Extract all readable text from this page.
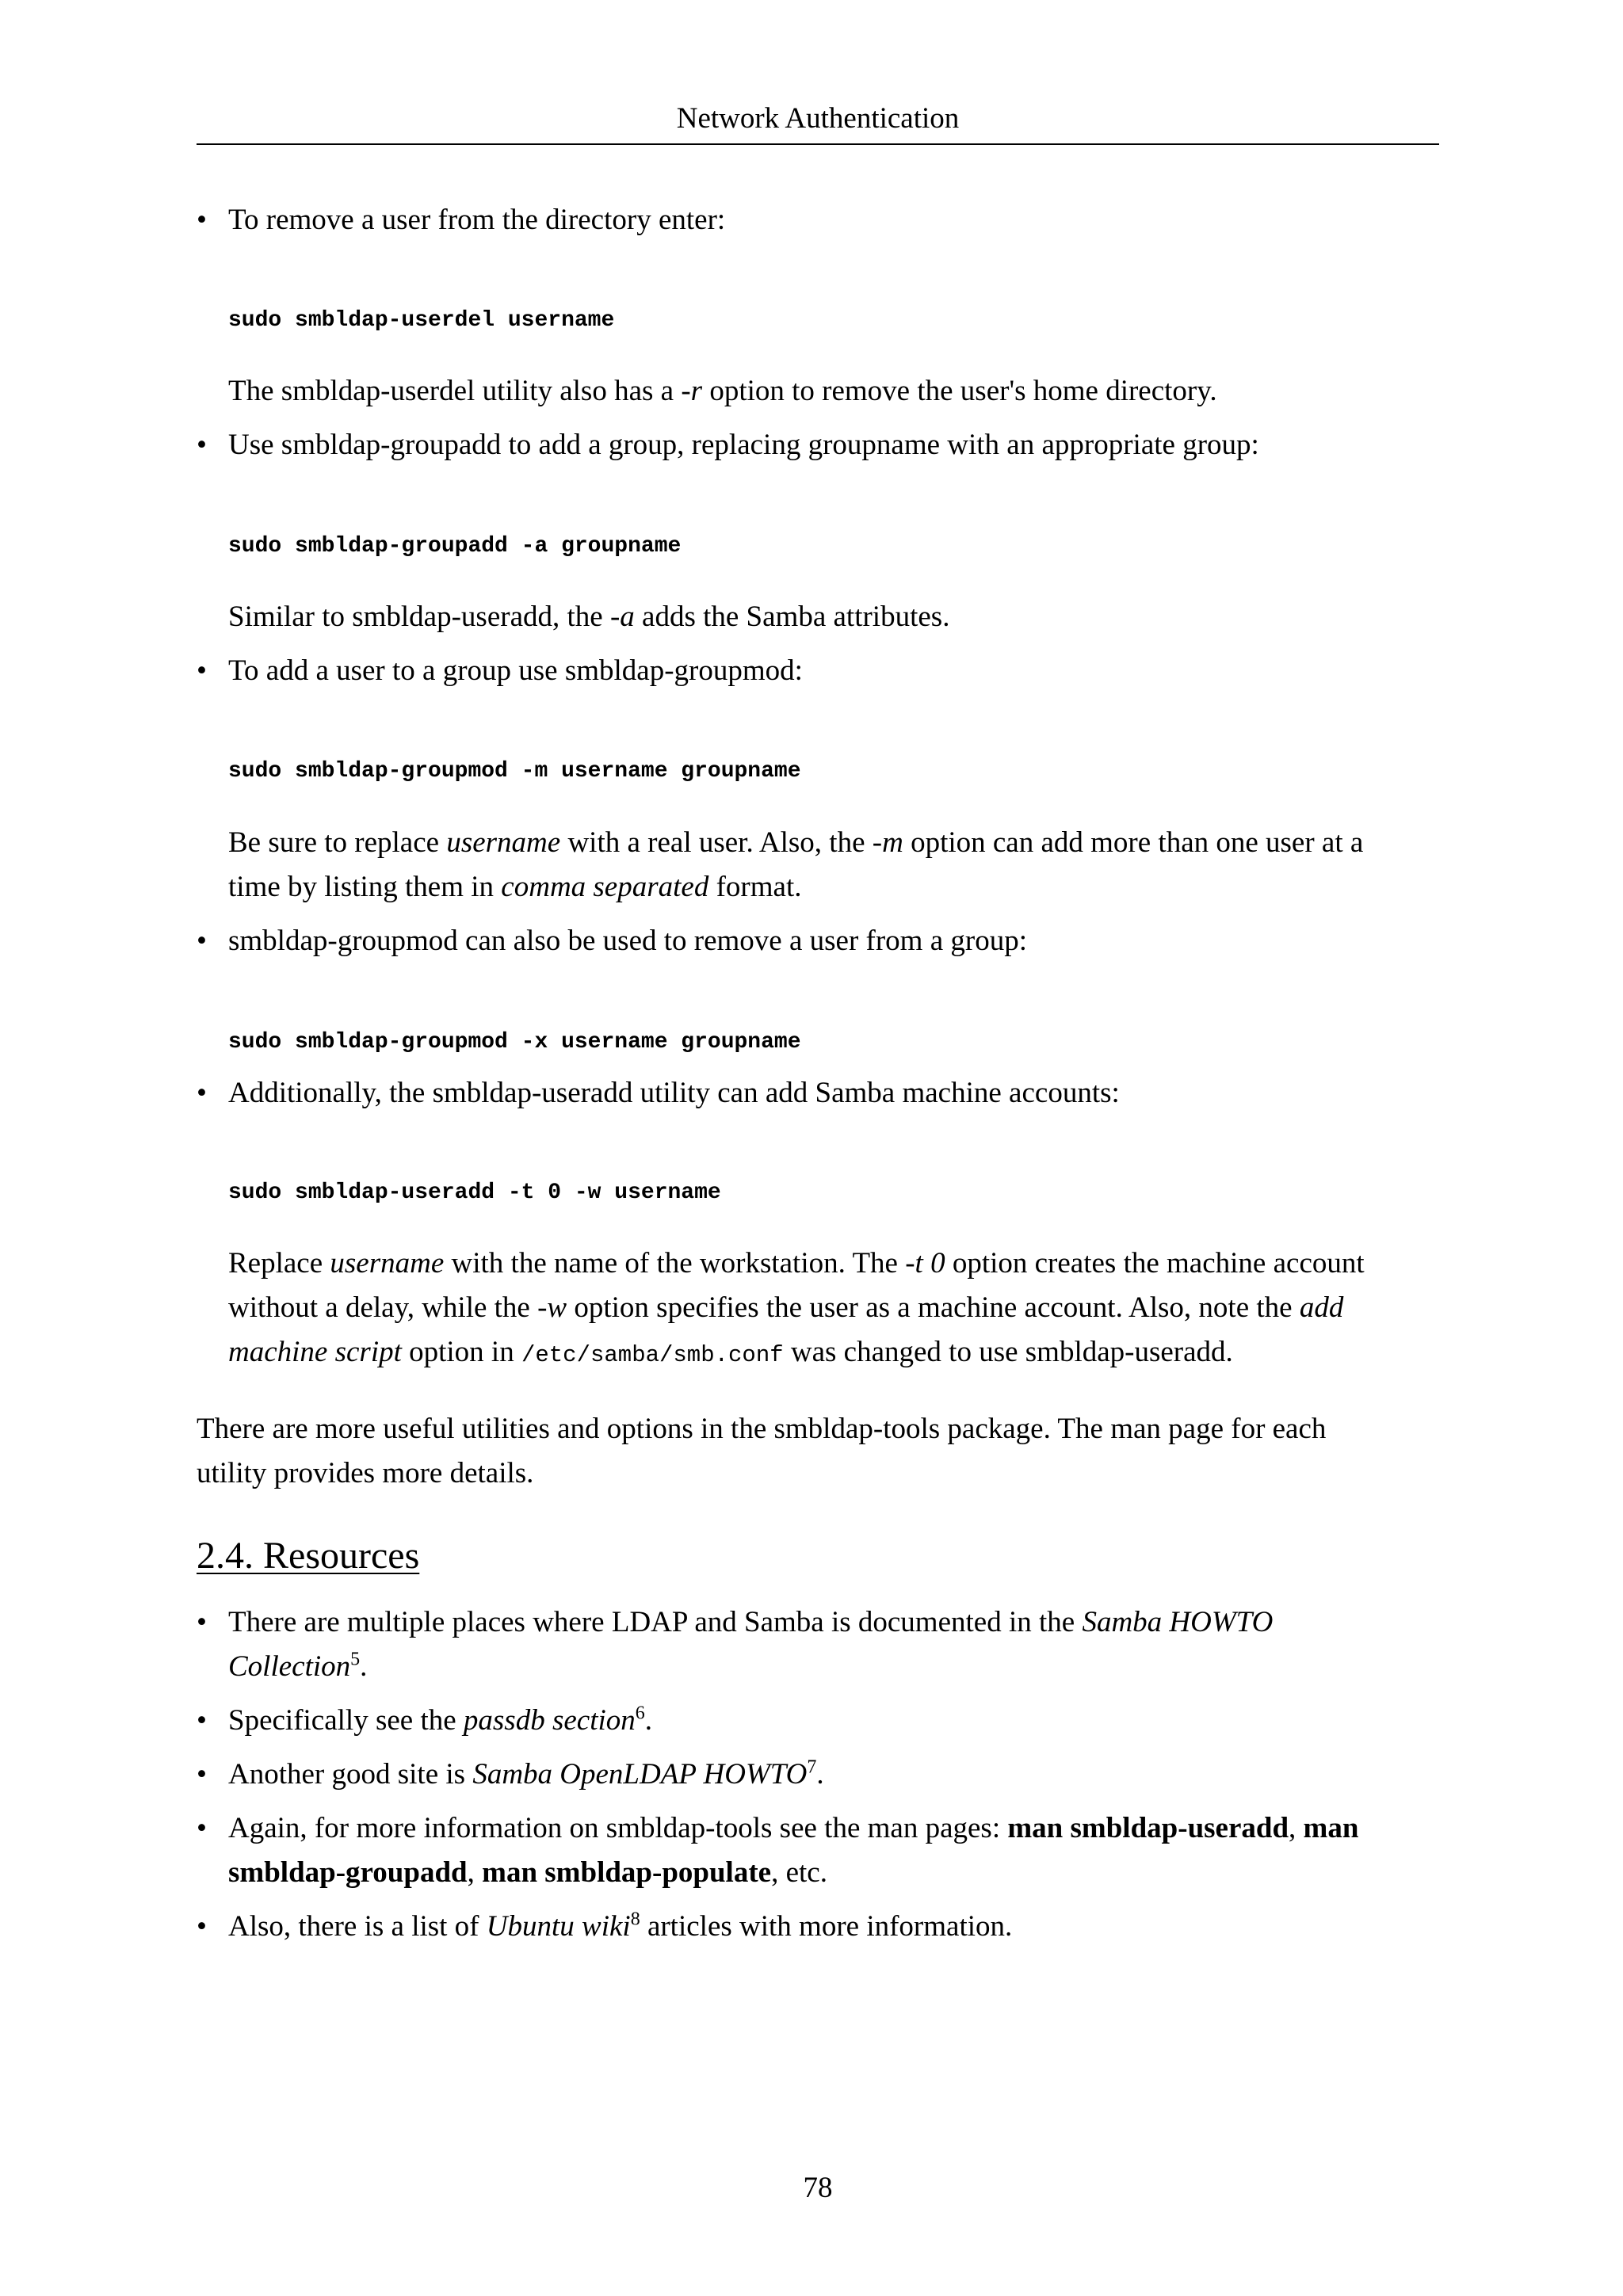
Network Authentication
• To remove a user from the directory enter:
sudo smbldap-userdel username
The smbldap-userdel utility also has a -r option to remove the user's home directory.
• Use smbldap-groupadd to add a group, replacing groupname with an appropriate group:
sudo smbldap-groupadd -a groupname
Similar to smbldap-useradd, the -a adds the Samba attributes.
• To add a user to a group use smbldap-groupmod:
sudo smbldap-groupmod -m username groupname
Be sure to replace username with a real user. Also, the -m option can add more than one user at a
time by listing them in comma separated format.
• smbldap-groupmod can also be used to remove a user from a group:
sudo smbldap-groupmod -x username groupname
• Additionally, the smbldap-useradd utility can add Samba machine accounts:
sudo smbldap-useradd -t 0 -w username
Replace username with the name of the workstation. The -t 0 option creates the machine account
without a delay, while the -w option specifies the user as a machine account. Also, note the add
machine script option in /etc/samba/smb.conf was changed to use smbldap-useradd.
There are more useful utilities and options in the smbldap-tools package. The man page for each
utility provides more details.
2.4. Resources
• There are multiple places where LDAP and Samba is documented in the Samba HOWTO
Collection$^5$.
• Specifically see the passdb section$^6$.
• Another good site is Samba OpenLDAP HOWTO$^7$.
• Again, for more information on smbldap-tools see the man pages: man smbldap-useradd, man
smbldap-groupadd, man smbldap-populate, etc.
• Also, there is a list of Ubuntu wiki$^8$ articles with more information.
78
